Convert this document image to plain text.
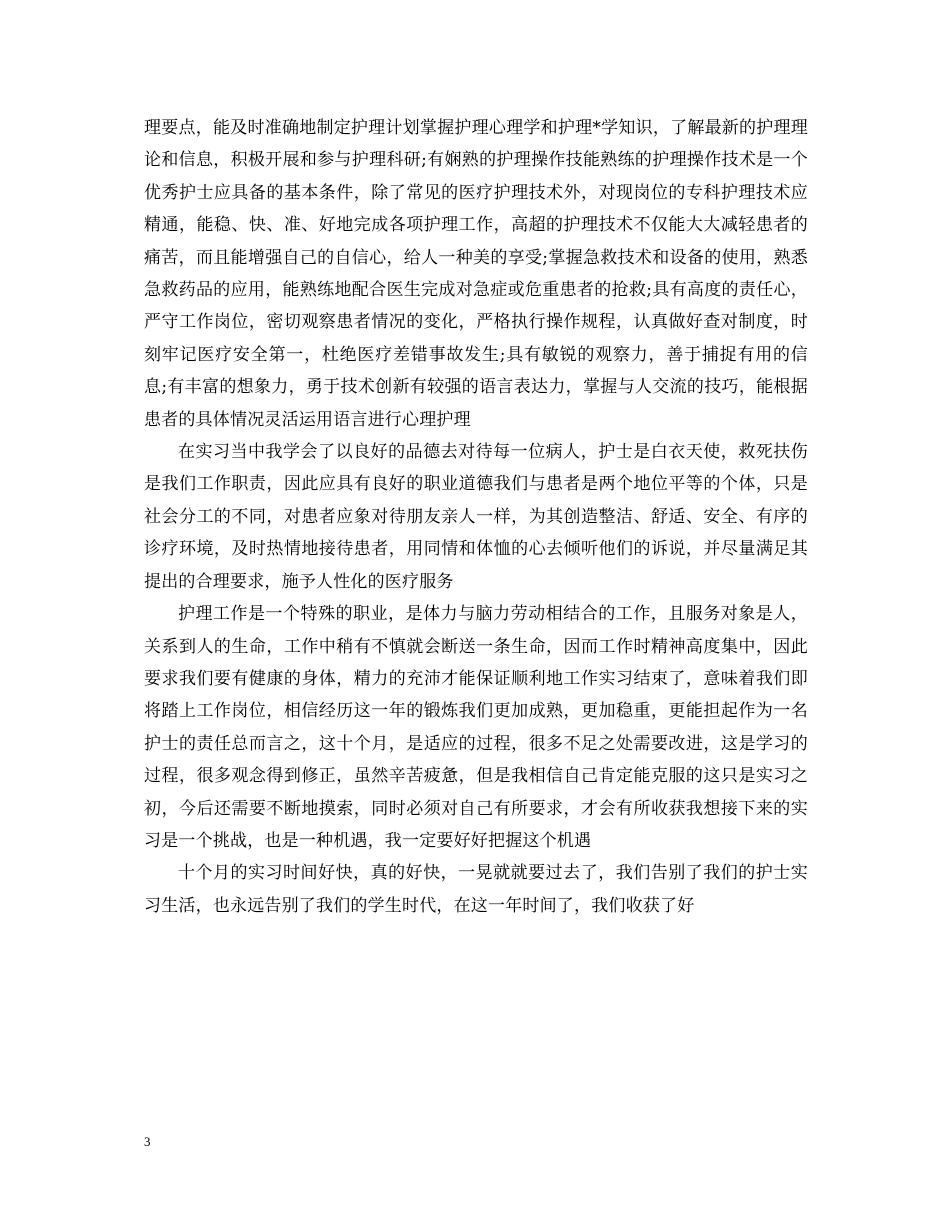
理要点，能及时准确地制定护理计划掌握护理心理学和护理*学知识，了解最新的护理理论和信息，积极开展和参与护理科研;有娴熟的护理操作技能熟练的护理操作技术是一个优秀护士应具备的基本条件，除了常见的医疗护理技术外，对现岗位的专科护理技术应精通，能稳、快、准、好地完成各项护理工作，高超的护理技术不仅能大大减轻患者的痛苦，而且能增强自己的自信心，给人一种美的享受;掌握急救技术和设备的使用，熟悉急救药品的应用，能熟练地配合医生完成对急症或危重患者的抢救;具有高度的责任心，严守工作岗位，密切观察患者情况的变化，严格执行操作规程，认真做好查对制度，时刻牢记医疗安全第一，杜绝医疗差错事故发生;具有敏锐的观察力，善于捕捉有用的信息;有丰富的想象力，勇于技术创新有较强的语言表达力，掌握与人交流的技巧，能根据患者的具体情况灵活运用语言进行心理护理

在实习当中我学会了以良好的品德去对待每一位病人，护士是白衣天使，救死扶伤是我们工作职责，因此应具有良好的职业道德我们与患者是两个地位平等的个体，只是社会分工的不同，对患者应象对待朋友亲人一样，为其创造整洁、舒适、安全、有序的诊疗环境，及时热情地接待患者，用同情和体恤的心去倾听他们的诉说，并尽量满足其提出的合理要求，施予人性化的医疗服务

护理工作是一个特殊的职业，是体力与脑力劳动相结合的工作，且服务对象是人，关系到人的生命，工作中稍有不慎就会断送一条生命，因而工作时精神高度集中，因此要求我们要有健康的身体，精力的充沛才能保证顺利地工作实习结束了，意味着我们即将踏上工作岗位，相信经历这一年的锻炼我们更加成熟，更加稳重，更能担起作为一名护士的责任总而言之，这十个月，是适应的过程，很多不足之处需要改进，这是学习的过程，很多观念得到修正，虽然辛苦疲惫，但是我相信自己肯定能克服的这只是实习之初，今后还需要不断地摸索，同时必须对自己有所要求，才会有所收获我想接下来的实习是一个挑战，也是一种机遇，我一定要好好把握这个机遇

十个月的实习时间好快，真的好快，一晃就就要过去了，我们告别了我们的护士实习生活，也永远告别了我们的学生时代，在这一年时间了，我们收获了好

3
